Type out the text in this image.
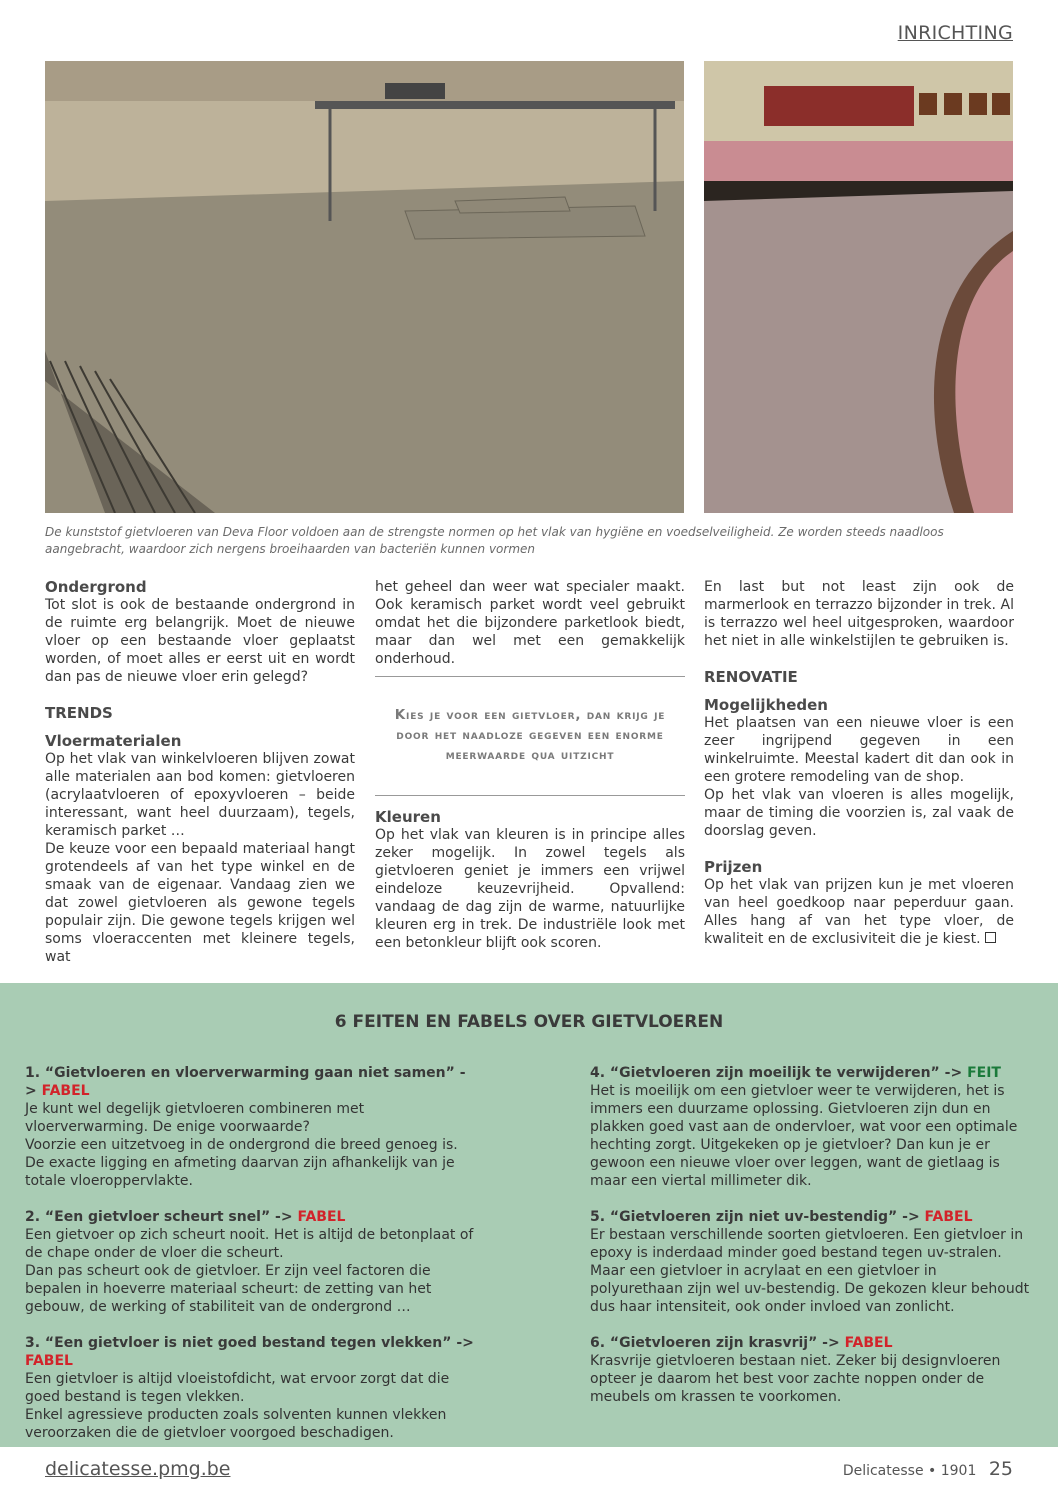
INRICHTING
De kunststof gietvloeren van Deva Floor voldoen aan de strengste normen op het vlak van hygiëne en voedselveiligheid. Ze worden steeds naadloos aangebracht, waardoor zich nergens broeihaarden van bacteriën kunnen vormen

Ondergrond

Tot slot is ook de bestaande ondergrond in de ruimte erg belangrijk. Moet de nieuwe vloer op een bestaande vloer geplaatst worden, of moet alles er eerst uit en wordt dan pas de nieuwe vloer erin gelegd?

TRENDS

Vloermaterialen

Op het vlak van winkelvloeren blijven zowat alle materialen aan bod komen: gietvloeren (acrylaatvloeren of epoxyvloeren – beide interessant, want heel duurzaam), tegels, keramisch parket …

De keuze voor een bepaald materiaal hangt grotendeels af van het type winkel en de smaak van de eigenaar. Vandaag zien we dat zowel gietvloeren als gewone tegels populair zijn. Die gewone tegels krijgen wel soms vloeraccenten met kleinere tegels, wat

het geheel dan weer wat specialer maakt. Ook keramisch parket wordt veel gebruikt omdat het die bijzondere parketlook biedt, maar dan wel met een gemakkelijk onderhoud.

Kies je voor een gietvloer, dan krijg je door het naadloze gegeven een enorme meerwaarde qua uitzicht

Kleuren

Op het vlak van kleuren is in principe alles zeker mogelijk. In zowel tegels als gietvloeren geniet je immers een vrijwel eindeloze keuzevrijheid. Opvallend: vandaag de dag zijn de warme, natuurlijke kleuren erg in trek. De industriële look met een betonkleur blijft ook scoren.

En last but not least zijn ook de marmerlook en terrazzo bijzonder in trek. Al is terrazzo wel heel uitgesproken, waardoor het niet in alle winkelstijlen te gebruiken is.

RENOVATIE

Mogelijkheden

Het plaatsen van een nieuwe vloer is een zeer ingrijpend gegeven in een winkelruimte. Meestal kadert dit dan ook in een grotere remodeling van de shop.

Op het vlak van vloeren is alles mogelijk, maar de timing die voorzien is, zal vaak de doorslag geven.

Prijzen

Op het vlak van prijzen kun je met vloeren van heel goedkoop naar peperduur gaan. Alles hang af van het type vloer, de kwaliteit en de exclusiviteit die je kiest.

6 FEITEN EN FABELS OVER GIETVLOEREN
1. “Gietvloeren en vloerverwarming gaan niet samen” -> FABEL
Je kunt wel degelijk gietvloeren combineren met vloerverwarming. De enige voorwaarde?
Voorzie een uitzetvoeg in de ondergrond die breed genoeg is. De exacte ligging en afmeting daarvan zijn afhankelijk van je totale vloeroppervlakte.
2. “Een gietvloer scheurt snel” -> FABEL
Een gietvoer op zich scheurt nooit. Het is altijd de betonplaat of de chape onder de vloer die scheurt.
Dan pas scheurt ook de gietvloer. Er zijn veel factoren die bepalen in hoeverre materiaal scheurt: de zetting van het gebouw, de werking of stabiliteit van de ondergrond …
3. “Een gietvloer is niet goed bestand tegen vlekken” -> FABEL
Een gietvloer is altijd vloeistofdicht, wat ervoor zorgt dat die goed bestand is tegen vlekken.
Enkel agressieve producten zoals solventen kunnen vlekken veroorzaken die de gietvloer voorgoed beschadigen.
4. “Gietvloeren zijn moeilijk te verwijderen” -> FEIT
Het is moeilijk om een gietvloer weer te verwijderen, het is immers een duurzame oplossing. Gietvloeren zijn dun en plakken goed vast aan de ondervloer, wat voor een optimale hechting zorgt. Uitgekeken op je gietvloer? Dan kun je er gewoon een nieuwe vloer over leggen, want de gietlaag is maar een viertal millimeter dik.
5. “Gietvloeren zijn niet uv-bestendig” -> FABEL
Er bestaan verschillende soorten gietvloeren. Een gietvloer in epoxy is inderdaad minder goed bestand tegen uv-stralen. Maar een gietvloer in acrylaat en een gietvloer in polyurethaan zijn wel uv-bestendig. De gekozen kleur behoudt dus haar intensiteit, ook onder invloed van zonlicht.
6. “Gietvloeren zijn krasvrij” -> FABEL
Krasvrije gietvloeren bestaan niet. Zeker bij designvloeren opteer je daarom het best voor zachte noppen onder de meubels om krassen te voorkomen.
delicatesse.pmg.be	Delicatesse • 1901 25
